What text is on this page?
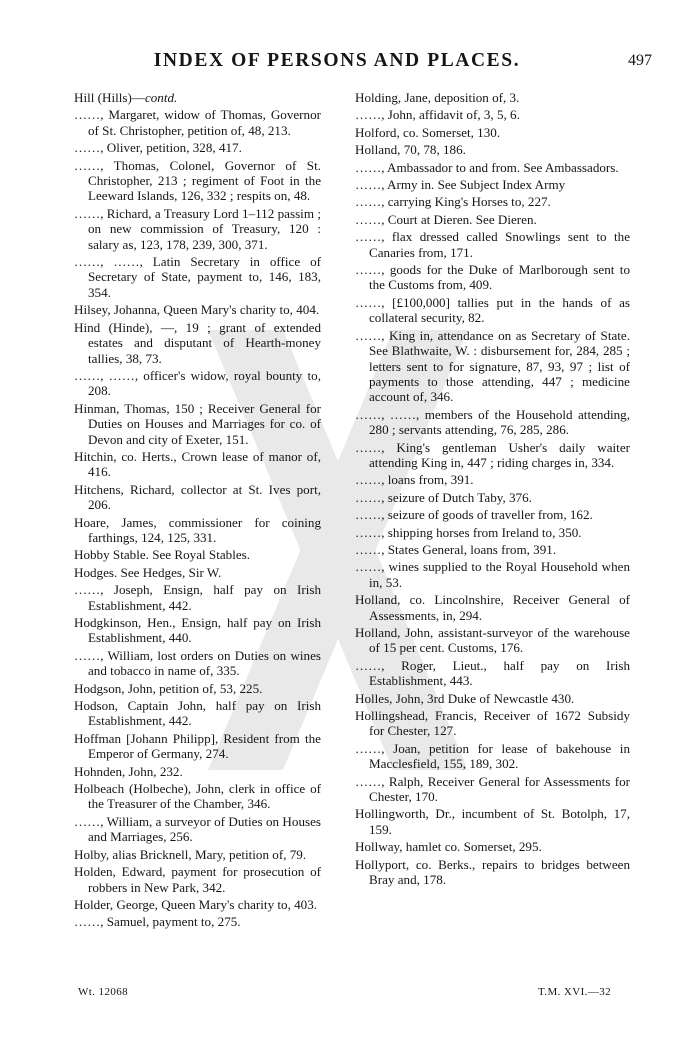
INDEX OF PERSONS AND PLACES.	497
Hill (Hills)—contd.
……, Margaret, widow of Thomas, Governor of St. Christopher, petition of, 48, 213.
……, Oliver, petition, 328, 417.
……, Thomas, Colonel, Governor of St. Christopher, 213 ; regiment of Foot in the Leeward Islands, 126, 332 ; respits on, 48.
……, Richard, a Treasury Lord 1–112 passim ; on new commission of Treasury, 120 : salary as, 123, 178, 239, 300, 371.
……, ……, Latin Secretary in office of Secretary of State, payment to, 146, 183, 354.
Hilsey, Johanna, Queen Mary's charity to, 404.
Hind (Hinde), —, 19 ; grant of extended estates and disputant of Hearth-money tallies, 38, 73.
……, ……, officer's widow, royal bounty to, 208.
Hinman, Thomas, 150 ; Receiver General for Duties on Houses and Marriages for co. of Devon and city of Exeter, 151.
Hitchin, co. Herts., Crown lease of manor of, 416.
Hitchens, Richard, collector at St. Ives port, 206.
Hoare, James, commissioner for coining farthings, 124, 125, 331.
Hobby Stable. See Royal Stables.
Hodges. See Hedges, Sir W.
……, Joseph, Ensign, half pay on Irish Establishment, 442.
Hodgkinson, Hen., Ensign, half pay on Irish Establishment, 440.
……, William, lost orders on Duties on wines and tobacco in name of, 335.
Hodgson, John, petition of, 53, 225.
Hodson, Captain John, half pay on Irish Establishment, 442.
Hoffman [Johann Philipp], Resident from the Emperor of Germany, 274.
Hohnden, John, 232.
Holbeach (Holbeche), John, clerk in office of the Treasurer of the Chamber, 346.
……, William, a surveyor of Duties on Houses and Marriages, 256.
Holby, alias Bricknell, Mary, petition of, 79.
Holden, Edward, payment for prosecution of robbers in New Park, 342.
Holder, George, Queen Mary's charity to, 403.
……, Samuel, payment to, 275.
Holding, Jane, deposition of, 3.
……, John, affidavit of, 3, 5, 6.
Holford, co. Somerset, 130.
Holland, 70, 78, 186.
……, Ambassador to and from. See Ambassadors.
……, Army in. See Subject Index Army
……, carrying King's Horses to, 227.
……, Court at Dieren. See Dieren.
……, flax dressed called Snowlings sent to the Canaries from, 171.
……, goods for the Duke of Marlborough sent to the Customs from, 409.
……, [£100,000] tallies put in the hands of as collateral security, 82.
……, King in, attendance on as Secretary of State. See Blathwaite, W. : disbursement for, 284, 285 ; letters sent to for signature, 87, 93, 97 ; list of payments to those attending, 447 ; medicine account of, 346.
……, ……, members of the Household attending, 280 ; servants attending, 76, 285, 286.
……, King's gentleman Usher's daily waiter attending King in, 447 ; riding charges in, 334.
……, loans from, 391.
……, seizure of Dutch Taby, 376.
……, seizure of goods of traveller from, 162.
……, shipping horses from Ireland to, 350.
……, States General, loans from, 391.
……, wines supplied to the Royal Household when in, 53.
Holland, co. Lincolnshire, Receiver General of Assessments, in, 294.
Holland, John, assistant-surveyor of the warehouse of 15 per cent. Customs, 176.
……, Roger, Lieut., half pay on Irish Establishment, 443.
Holles, John, 3rd Duke of Newcastle 430.
Hollingshead, Francis, Receiver of 1672 Subsidy for Chester, 127.
……, Joan, petition for lease of bakehouse in Macclesfield, 155, 189, 302.
……, Ralph, Receiver General for Assessments for Chester, 170.
Hollingworth, Dr., incumbent of St. Botolph, 17, 159.
Hollway, hamlet co. Somerset, 295.
Hollyport, co. Berks., repairs to bridges between Bray and, 178.
Wt. 12068	T.M. XVI.—32
